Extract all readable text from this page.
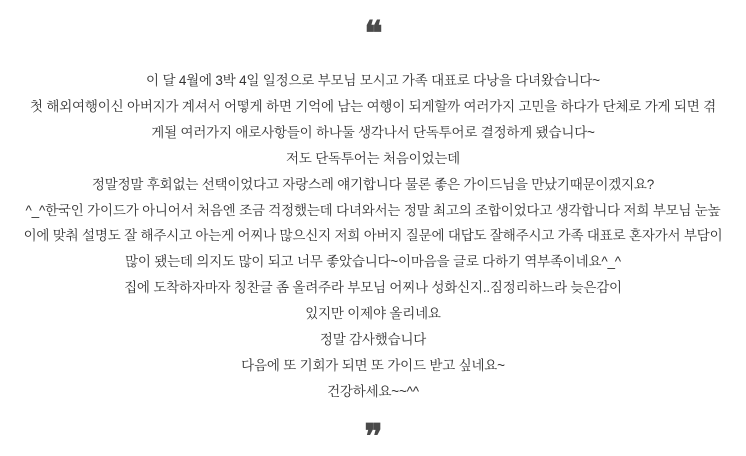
❝

이 달 4월에 3박 4일 일정으로 부모님 모시고 가족 대표로 다낭을 다녀왔습니다~

첫 해외여행이신 아버지가 계셔서 어떻게 하면 기억에 남는 여행이 되게할까 여러가지 고민을 하다가 단체로 가게 되면 겪

게될 여러가지 애로사항들이 하나둘 생각나서 단독투어로 결정하게 됐습니다~

저도 단독투어는 처음이었는데

정말정말 후회없는 선택이었다고 자랑스레 얘기합니다 물론 좋은 가이드님을 만났기때문이겠지요?

^_^한국인 가이드가 아니어서 처음엔 조금 걱정했는데 다녀와서는 정말 최고의 조합이었다고 생각합니다 저희 부모님 눈높

이에 맞춰 설명도 잘 해주시고 아는게 어찌나 많으신지 저희 아버지 질문에 대답도 잘해주시고 가족 대표로 혼자가서 부담이

많이 됐는데 의지도 많이 되고 너무 좋았습니다~이마음을 글로 다하기 역부족이네요^_^

집에 도착하자마자 칭찬글 좀 올려주라 부모님 어찌나 성화신지..짐정리하느라 늦은감이

있지만 이제야 올리네요

정말 감사했습니다

다음에 또 기회가 되면 또 가이드 받고 싶네요~

건강하세요~~^^

❞
